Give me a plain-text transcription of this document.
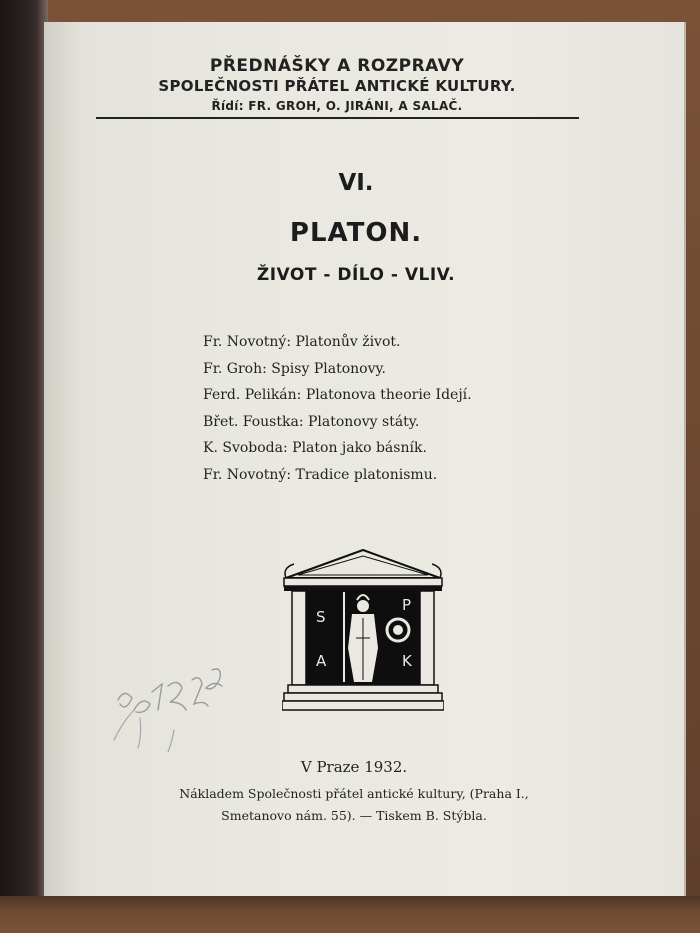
PŘEDNÁŠKY A ROZPRAVY
SPOLEČNOSTI PŘÁTEL ANTICKÉ KULTURY.
Řídí: FR. GROH, O. JIRÁNI, A SALAČ.
VI.
PLATON.
ŽIVOT - DÍLO - VLIV.
Fr. Novotný: Platonův život.
Fr. Groh: Spisy Platonovy.
Ferd. Pelikán: Platonova theorie Idejí.
Břet. Foustka: Platonovy státy.
K. Svoboda: Platon jako básník.
Fr. Novotný: Tradice platonismu.
S
P
A	K
V Praze 1932.
Nákladem Společnosti přátel antické kultury, (Praha I.,
Smetanovo nám. 55). — Tiskem B. Stýbla.
